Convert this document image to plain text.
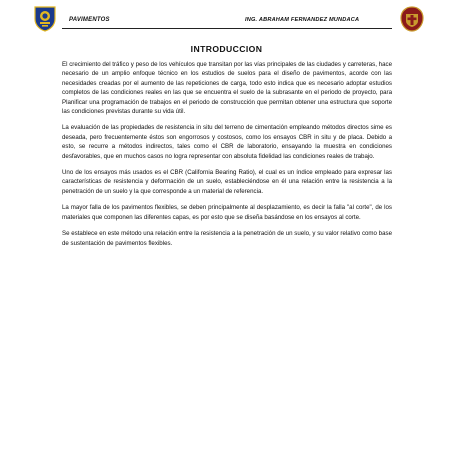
PAVIMENTOS	ING. ABRAHAM FERNANDEZ MUNDACA
INTRODUCCION

El crecimiento del tráfico y peso de los vehículos que transitan por las vías principales de las ciudades y carreteras, hace necesario de un amplio enfoque técnico en los estudios de suelos para el diseño de pavimentos, acorde con las necesidades creadas por el aumento de las repeticiones de carga, todo esto indica que es necesario adoptar estudios completos de las condiciones reales en las que se encuentra el suelo de la subrasante en el periodo de proyecto, para Planificar una programación de trabajos en el periodo de construcción que permitan obtener una estructura que soporte las condiciones previstas durante su vida útil.

La evaluación de las propiedades de resistencia in situ del terreno de cimentación empleando métodos directos sime es deseada, pero frecuentemente éstos son engorrosos y costosos, como los ensayos CBR in situ y de placa. Debido a esto, se recurre a métodos indirectos, tales como el CBR de laboratorio, ensayando la muestra en condiciones desfavorables, que en muchos casos no logra representar con absoluta fidelidad las condiciones reales de trabajo.

Uno de los ensayos más usados es el CBR (California Bearing Ratio), el cual es un índice empleado para expresar las características de resistencia y deformación de un suelo, estableciéndose en él una relación entre la resistencia a la penetración de un suelo y la que corresponde a un material de referencia.

La mayor falla de los pavimentos flexibles, se deben principalmente al desplazamiento, es decir la falla "al corte", de los materiales que componen las diferentes capas, es por esto que se diseña basándose en los ensayos al corte.

Se establece en este método una relación entre la resistencia a la penetración de un suelo, y su valor relativo como base de sustentación de pavimentos flexibles.
